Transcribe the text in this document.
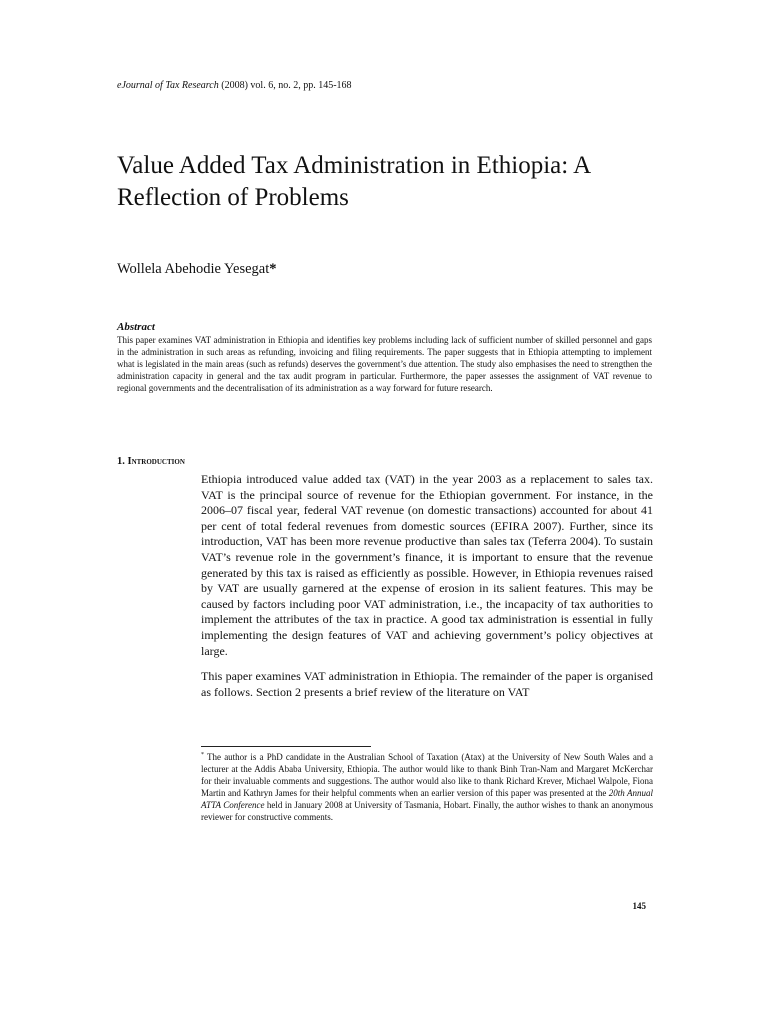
eJournal of Tax Research (2008) vol. 6, no. 2, pp. 145-168
Value Added Tax Administration in Ethiopia: A Reflection of Problems
Wollela Abehodie Yesegat*
Abstract

This paper examines VAT administration in Ethiopia and identifies key problems including lack of sufficient number of skilled personnel and gaps in the administration in such areas as refunding, invoicing and filing requirements. The paper suggests that in Ethiopia attempting to implement what is legislated in the main areas (such as refunds) deserves the government’s due attention. The study also emphasises the need to strengthen the administration capacity in general and the tax audit program in particular. Furthermore, the paper assesses the assignment of VAT revenue to regional governments and the decentralisation of its administration as a way forward for future research.

1. Introduction

Ethiopia introduced value added tax (VAT) in the year 2003 as a replacement to sales tax. VAT is the principal source of revenue for the Ethiopian government. For instance, in the 2006–07 fiscal year, federal VAT revenue (on domestic transactions) accounted for about 41 per cent of total federal revenues from domestic sources (EFIRA 2007). Further, since its introduction, VAT has been more revenue productive than sales tax (Teferra 2004). To sustain VAT’s revenue role in the government’s finance, it is important to ensure that the revenue generated by this tax is raised as efficiently as possible. However, in Ethiopia revenues raised by VAT are usually garnered at the expense of erosion in its salient features. This may be caused by factors including poor VAT administration, i.e., the incapacity of tax authorities to implement the attributes of the tax in practice. A good tax administration is essential in fully implementing the design features of VAT and achieving government’s policy objectives at large.

This paper examines VAT administration in Ethiopia. The remainder of the paper is organised as follows. Section 2 presents a brief review of the literature on VAT

* The author is a PhD candidate in the Australian School of Taxation (Atax) at the University of New South Wales and a lecturer at the Addis Ababa University, Ethiopia. The author would like to thank Binh Tran-Nam and Margaret McKerchar for their invaluable comments and suggestions. The author would also like to thank Richard Krever, Michael Walpole, Fiona Martin and Kathryn James for their helpful comments when an earlier version of this paper was presented at the 20th Annual ATTA Conference held in January 2008 at University of Tasmania, Hobart. Finally, the author wishes to thank an anonymous reviewer for constructive comments.

145
